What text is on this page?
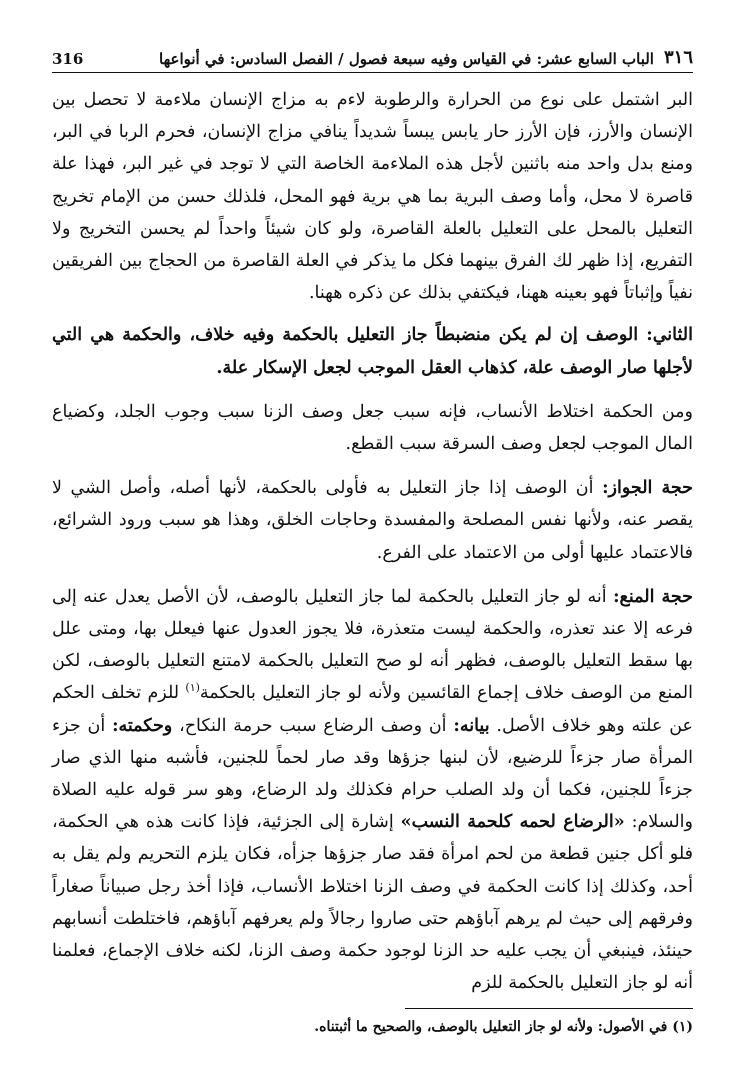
316	٣١٦
الباب السابع عشر: في القياس وفيه سبعة فصول / الفصل السادس: في أنواعها

البر اشتمل على نوع من الحرارة والرطوبة لاءم به مزاج الإنسان ملاءمة لا تحصل بين الإنسان والأرز، فإن الأرز حار يابس يبساً شديداً ينافي مزاج الإنسان، فحرم الربا في البر، ومنع بدل واحد منه باثنين لأجل هذه الملاءمة الخاصة التي لا توجد في غير البر، فهذا علة قاصرة لا محل، وأما وصف البرية بما هي برية فهو المحل، فلذلك حسن من الإمام تخريج التعليل بالمحل على التعليل بالعلة القاصرة، ولو كان شيئاً واحداً لم يحسن التخريج ولا التفريع، إذا ظهر لك الفرق بينهما فكل ما يذكر في العلة القاصرة من الحجاج بين الفريقين نفياً وإثباتاً فهو بعينه ههنا، فيكتفي بذلك عن ذكره ههنا.

الثاني: الوصف إن لم يكن منضبطاً جاز التعليل بالحكمة وفيه خلاف، والحكمة هي التي لأجلها صار الوصف علة، كذهاب العقل الموجب لجعل الإسكار علة.

ومن الحكمة اختلاط الأنساب، فإنه سبب جعل وصف الزنا سبب وجوب الجلد، وكضياع المال الموجب لجعل وصف السرقة سبب القطع.

حجة الجواز: أن الوصف إذا جاز التعليل به فأولى بالحكمة، لأنها أصله، وأصل الشي لا يقصر عنه، ولأنها نفس المصلحة والمفسدة وحاجات الخلق، وهذا هو سبب ورود الشرائع، فالاعتماد عليها أولى من الاعتماد على الفرع.

حجة المنع: أنه لو جاز التعليل بالحكمة لما جاز التعليل بالوصف، لأن الأصل يعدل عنه إلى فرعه إلا عند تعذره، والحكمة ليست متعذرة، فلا يجوز العدول عنها فيعلل بها، ومتى علل بها سقط التعليل بالوصف، فظهر أنه لو صح التعليل بالحكمة لامتنع التعليل بالوصف، لكن المنع من الوصف خلاف إجماع القائسين ولأنه لو جاز التعليل بالحكمة$^{(١)}$ للزم تخلف الحكم عن علته وهو خلاف الأصل. بيانه: أن وصف الرضاع سبب حرمة النكاح، وحكمته: أن جزء المرأة صار جزءاً للرضيع، لأن لبنها جزؤها وقد صار لحماً للجنين، فأشبه منها الذي صار جزءاً للجنين، فكما أن ولد الصلب حرام فكذلك ولد الرضاع، وهو سر قوله عليه الصلاة والسلام: «الرضاع لحمه كلحمة النسب» إشارة إلى الجزئية، فإذا كانت هذه هي الحكمة، فلو أكل جنين قطعة من لحم امرأة فقد صار جزؤها جزأه، فكان يلزم التحريم ولم يقل به أحد، وكذلك إذا كانت الحكمة في وصف الزنا اختلاط الأنساب، فإذا أخذ رجل صبياناً صغاراً وفرقهم إلى حيث لم يرهم آباؤهم حتى صاروا رجالاً ولم يعرفهم آباؤهم، فاختلطت أنسابهم حينئذ، فينبغي أن يجب عليه حد الزنا لوجود حكمة وصف الزنا، لكنه خلاف الإجماع، فعلمنا أنه لو جاز التعليل بالحكمة للزم

(١) في الأصول: ولأنه لو جاز التعليل بالوصف، والصحيح ما أثبتناه.
